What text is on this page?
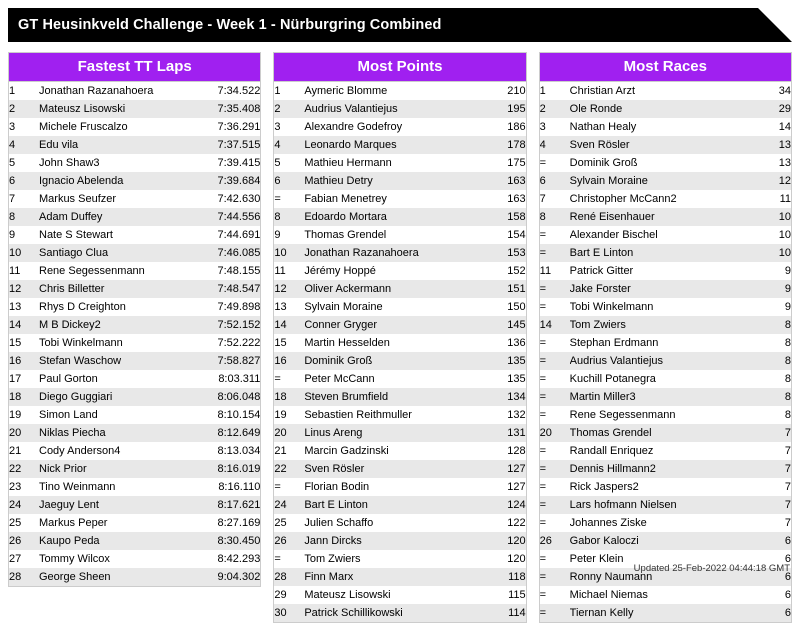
GT Heusinkveld Challenge - Week 1 - Nürburgring Combined
Fastest TT Laps
1	Jonathan Razanahoera	7:34.522
2	Mateusz Lisowski	7:35.408
3	Michele Fruscalzo	7:36.291
4	Edu vila	7:37.515
5	John Shaw3	7:39.415
6	Ignacio Abelenda	7:39.684
7	Markus Seufzer	7:42.630
8	Adam Duffey	7:44.556
9	Nate S Stewart	7:44.691
10	Santiago Clua	7:46.085
11	Rene Segessenmann	7:48.155
12	Chris Billetter	7:48.547
13	Rhys D Creighton	7:49.898
14	M B Dickey2	7:52.152
15	Tobi Winkelmann	7:52.222
16	Stefan Waschow	7:58.827
17	Paul Gorton	8:03.311
18	Diego Guggiari	8:06.048
19	Simon Land	8:10.154
20	Niklas Piecha	8:12.649
21	Cody Anderson4	8:13.034
22	Nick Prior	8:16.019
23	Tino Weinmann	8:16.110
24	Jaeguy Lent	8:17.621
25	Markus Peper	8:27.169
26	Kaupo Peda	8:30.450
27	Tommy Wilcox	8:42.293
28	George Sheen	9:04.302
Most Points
1	Aymeric Blomme	210
2	Audrius Valantiejus	195
3	Alexandre Godefroy	186
4	Leonardo Marques	178
5	Mathieu Hermann	175
6	Mathieu Detry	163
=	Fabian Menetrey	163
8	Edoardo Mortara	158
9	Thomas Grendel	154
10	Jonathan Razanahoera	153
11	Jérémy Hoppé	152
12	Oliver Ackermann	151
13	Sylvain Moraine	150
14	Conner Gryger	145
15	Martin Hesselden	136
16	Dominik Groß	135
=	Peter McCann	135
18	Steven Brumfield	134
19	Sebastien Reithmuller	132
20	Linus Areng	131
21	Marcin Gadzinski	128
22	Sven Rösler	127
=	Florian Bodin	127
24	Bart E Linton	124
25	Julien Schaffo	122
26	Jann Dircks	120
=	Tom Zwiers	120
28	Finn Marx	118
29	Mateusz Lisowski	115
30	Patrick Schillikowski	114
Most Races
1	Christian Arzt	34
2	Ole Ronde	29
3	Nathan Healy	14
4	Sven Rösler	13
=	Dominik Groß	13
6	Sylvain Moraine	12
7	Christopher McCann2	11
8	René Eisenhauer	10
=	Alexander Bischel	10
=	Bart E Linton	10
11	Patrick Gitter	9
=	Jake Forster	9
=	Tobi Winkelmann	9
14	Tom Zwiers	8
=	Stephan Erdmann	8
=	Audrius Valantiejus	8
=	Kuchill Potanegra	8
=	Martin Miller3	8
=	Rene Segessenmann	8
20	Thomas Grendel	7
=	Randall Enriquez	7
=	Dennis Hillmann2	7
=	Rick Jaspers2	7
=	Lars hofmann Nielsen	7
=	Johannes Ziske	7
26	Gabor Kaloczi	6
=	Peter Klein	6
=	Ronny Naumann	6
=	Michael Niemas	6
=	Tiernan Kelly	6
Updated 25-Feb-2022 04:44:18 GMT
